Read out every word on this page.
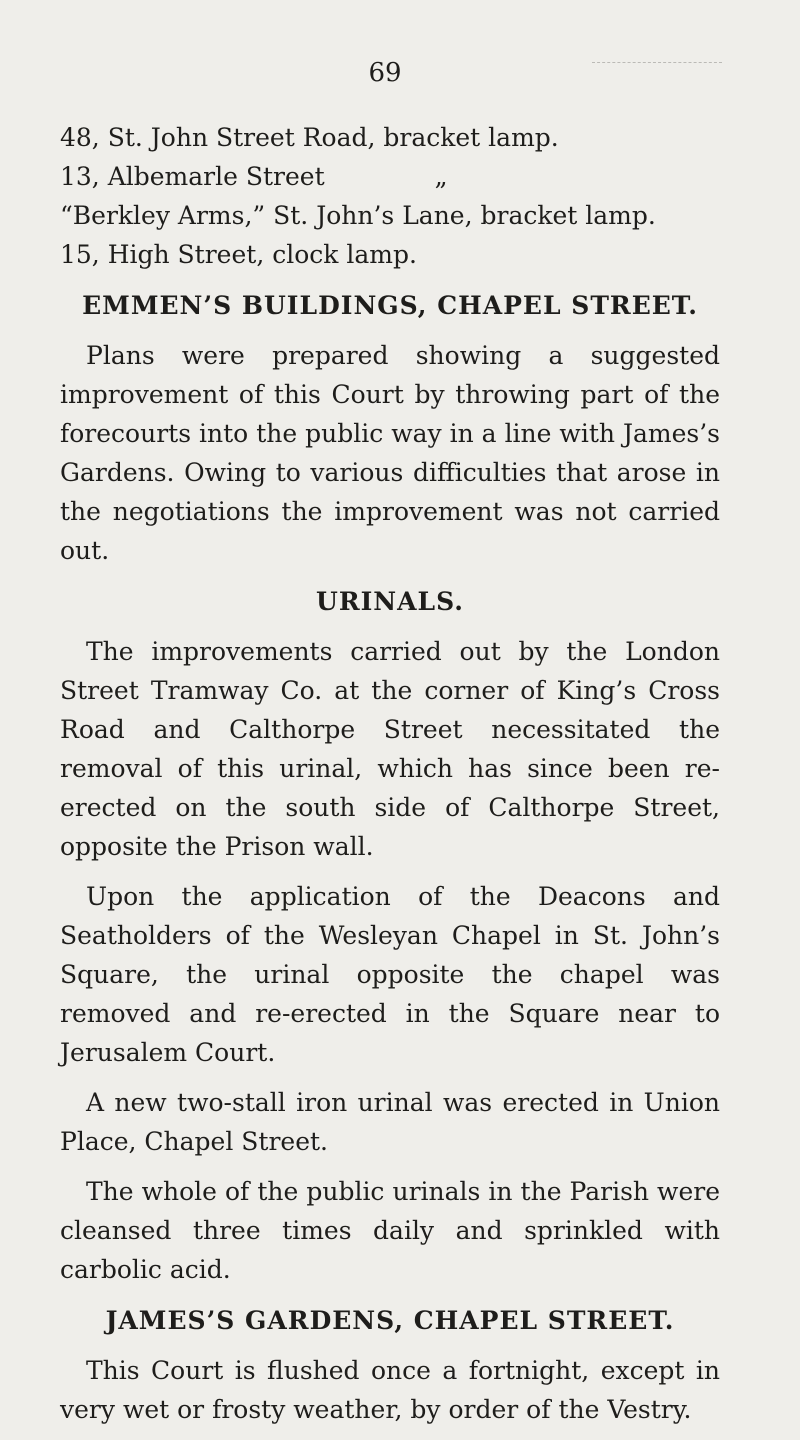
69

48, St. John Street Road, bracket lamp.

13, Albemarle Street	„

“Berkley Arms,” St. John’s Lane, bracket lamp.

15, High Street, clock lamp.

EMMEN’S BUILDINGS, CHAPEL STREET.

Plans were prepared showing a suggested improvement of this Court by throwing part of the forecourts into the public way in a line with James’s Gardens. Owing to various difficulties that arose in the negotiations the improvement was not carried out.

URINALS.

The improvements carried out by the London Street Tramway Co. at the corner of King’s Cross Road and Calthorpe Street necessitated the removal of this urinal, which has since been re-erected on the south side of Calthorpe Street, opposite the Prison wall.

Upon the application of the Deacons and Seatholders of the Wesleyan Chapel in St. John’s Square, the urinal opposite the chapel was removed and re-erected in the Square near to Jerusalem Court.

A new two-stall iron urinal was erected in Union Place, Chapel Street.

The whole of the public urinals in the Parish were cleansed three times daily and sprinkled with carbolic acid.

JAMES’S GARDENS, CHAPEL STREET.

This Court is flushed once a fortnight, except in very wet or frosty weather, by order of the Vestry.
